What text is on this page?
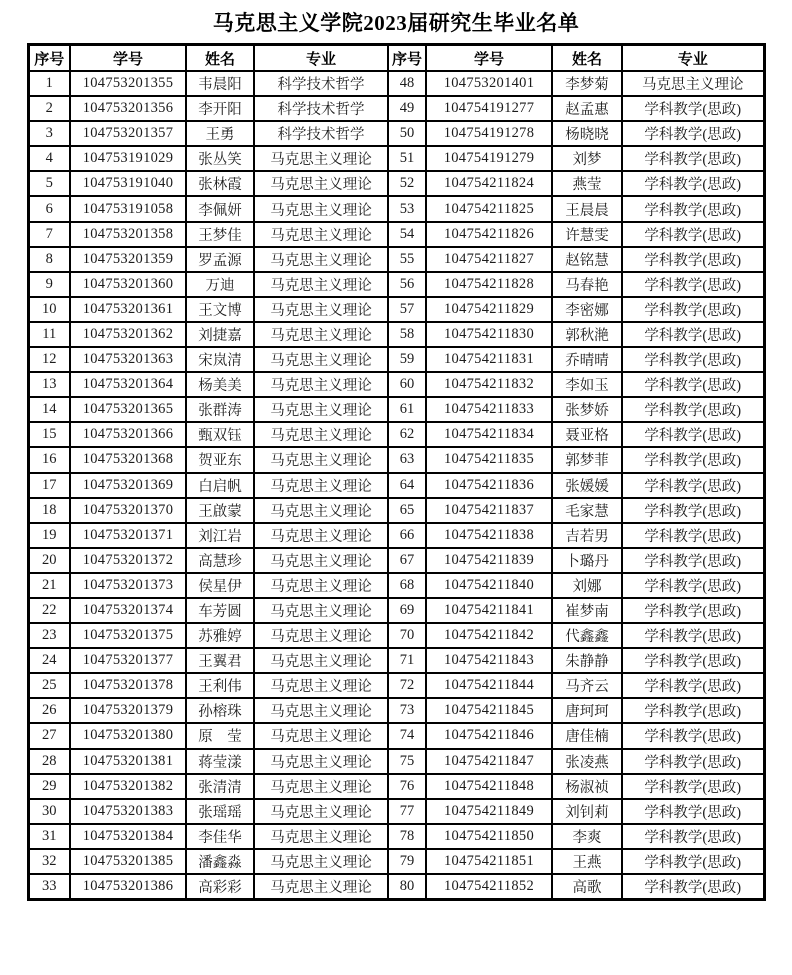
马克思主义学院2023届研究生毕业名单
序号	学号	姓名	专业	序号	学号	姓名	专业
1	104753201355	韦晨阳	科学技术哲学	48	104753201401	李梦菊	马克思主义理论
2	104753201356	李开阳	科学技术哲学	49	104754191277	赵孟惠	学科教学(思政)
3	104753201357	王勇	科学技术哲学	50	104754191278	杨晓晓	学科教学(思政)
4	104753191029	张丛笑	马克思主义理论	51	104754191279	刘梦	学科教学(思政)
5	104753191040	张林霞	马克思主义理论	52	104754211824	燕莹	学科教学(思政)
6	104753191058	李佩妍	马克思主义理论	53	104754211825	王晨晨	学科教学(思政)
7	104753201358	王梦佳	马克思主义理论	54	104754211826	许慧雯	学科教学(思政)
8	104753201359	罗孟源	马克思主义理论	55	104754211827	赵铭慧	学科教学(思政)
9	104753201360	万迪	马克思主义理论	56	104754211828	马春艳	学科教学(思政)
10	104753201361	王文博	马克思主义理论	57	104754211829	李密娜	学科教学(思政)
11	104753201362	刘捷嘉	马克思主义理论	58	104754211830	郭秋滟	学科教学(思政)
12	104753201363	宋岚清	马克思主义理论	59	104754211831	乔晴晴	学科教学(思政)
13	104753201364	杨美美	马克思主义理论	60	104754211832	李如玉	学科教学(思政)
14	104753201365	张群涛	马克思主义理论	61	104754211833	张梦娇	学科教学(思政)
15	104753201366	甄双钰	马克思主义理论	62	104754211834	聂亚格	学科教学(思政)
16	104753201368	贺亚东	马克思主义理论	63	104754211835	郭梦菲	学科教学(思政)
17	104753201369	白启帆	马克思主义理论	64	104754211836	张媛媛	学科教学(思政)
18	104753201370	王啟蒙	马克思主义理论	65	104754211837	毛家慧	学科教学(思政)
19	104753201371	刘江岩	马克思主义理论	66	104754211838	吉若男	学科教学(思政)
20	104753201372	高慧珍	马克思主义理论	67	104754211839	卜璐丹	学科教学(思政)
21	104753201373	侯星伊	马克思主义理论	68	104754211840	刘娜	学科教学(思政)
22	104753201374	车芳圆	马克思主义理论	69	104754211841	崔梦南	学科教学(思政)
23	104753201375	苏雅婷	马克思主义理论	70	104754211842	代鑫鑫	学科教学(思政)
24	104753201377	王翼君	马克思主义理论	71	104754211843	朱静静	学科教学(思政)
25	104753201378	王利伟	马克思主义理论	72	104754211844	马齐云	学科教学(思政)
26	104753201379	孙榕珠	马克思主义理论	73	104754211845	唐珂珂	学科教学(思政)
27	104753201380	原　莹	马克思主义理论	74	104754211846	唐佳楠	学科教学(思政)
28	104753201381	蒋莹漾	马克思主义理论	75	104754211847	张凌燕	学科教学(思政)
29	104753201382	张清清	马克思主义理论	76	104754211848	杨淑祯	学科教学(思政)
30	104753201383	张瑶瑶	马克思主义理论	77	104754211849	刘钊莉	学科教学(思政)
31	104753201384	李佳华	马克思主义理论	78	104754211850	李爽	学科教学(思政)
32	104753201385	潘鑫淼	马克思主义理论	79	104754211851	王燕	学科教学(思政)
33	104753201386	高彩彩	马克思主义理论	80	104754211852	高歌	学科教学(思政)
